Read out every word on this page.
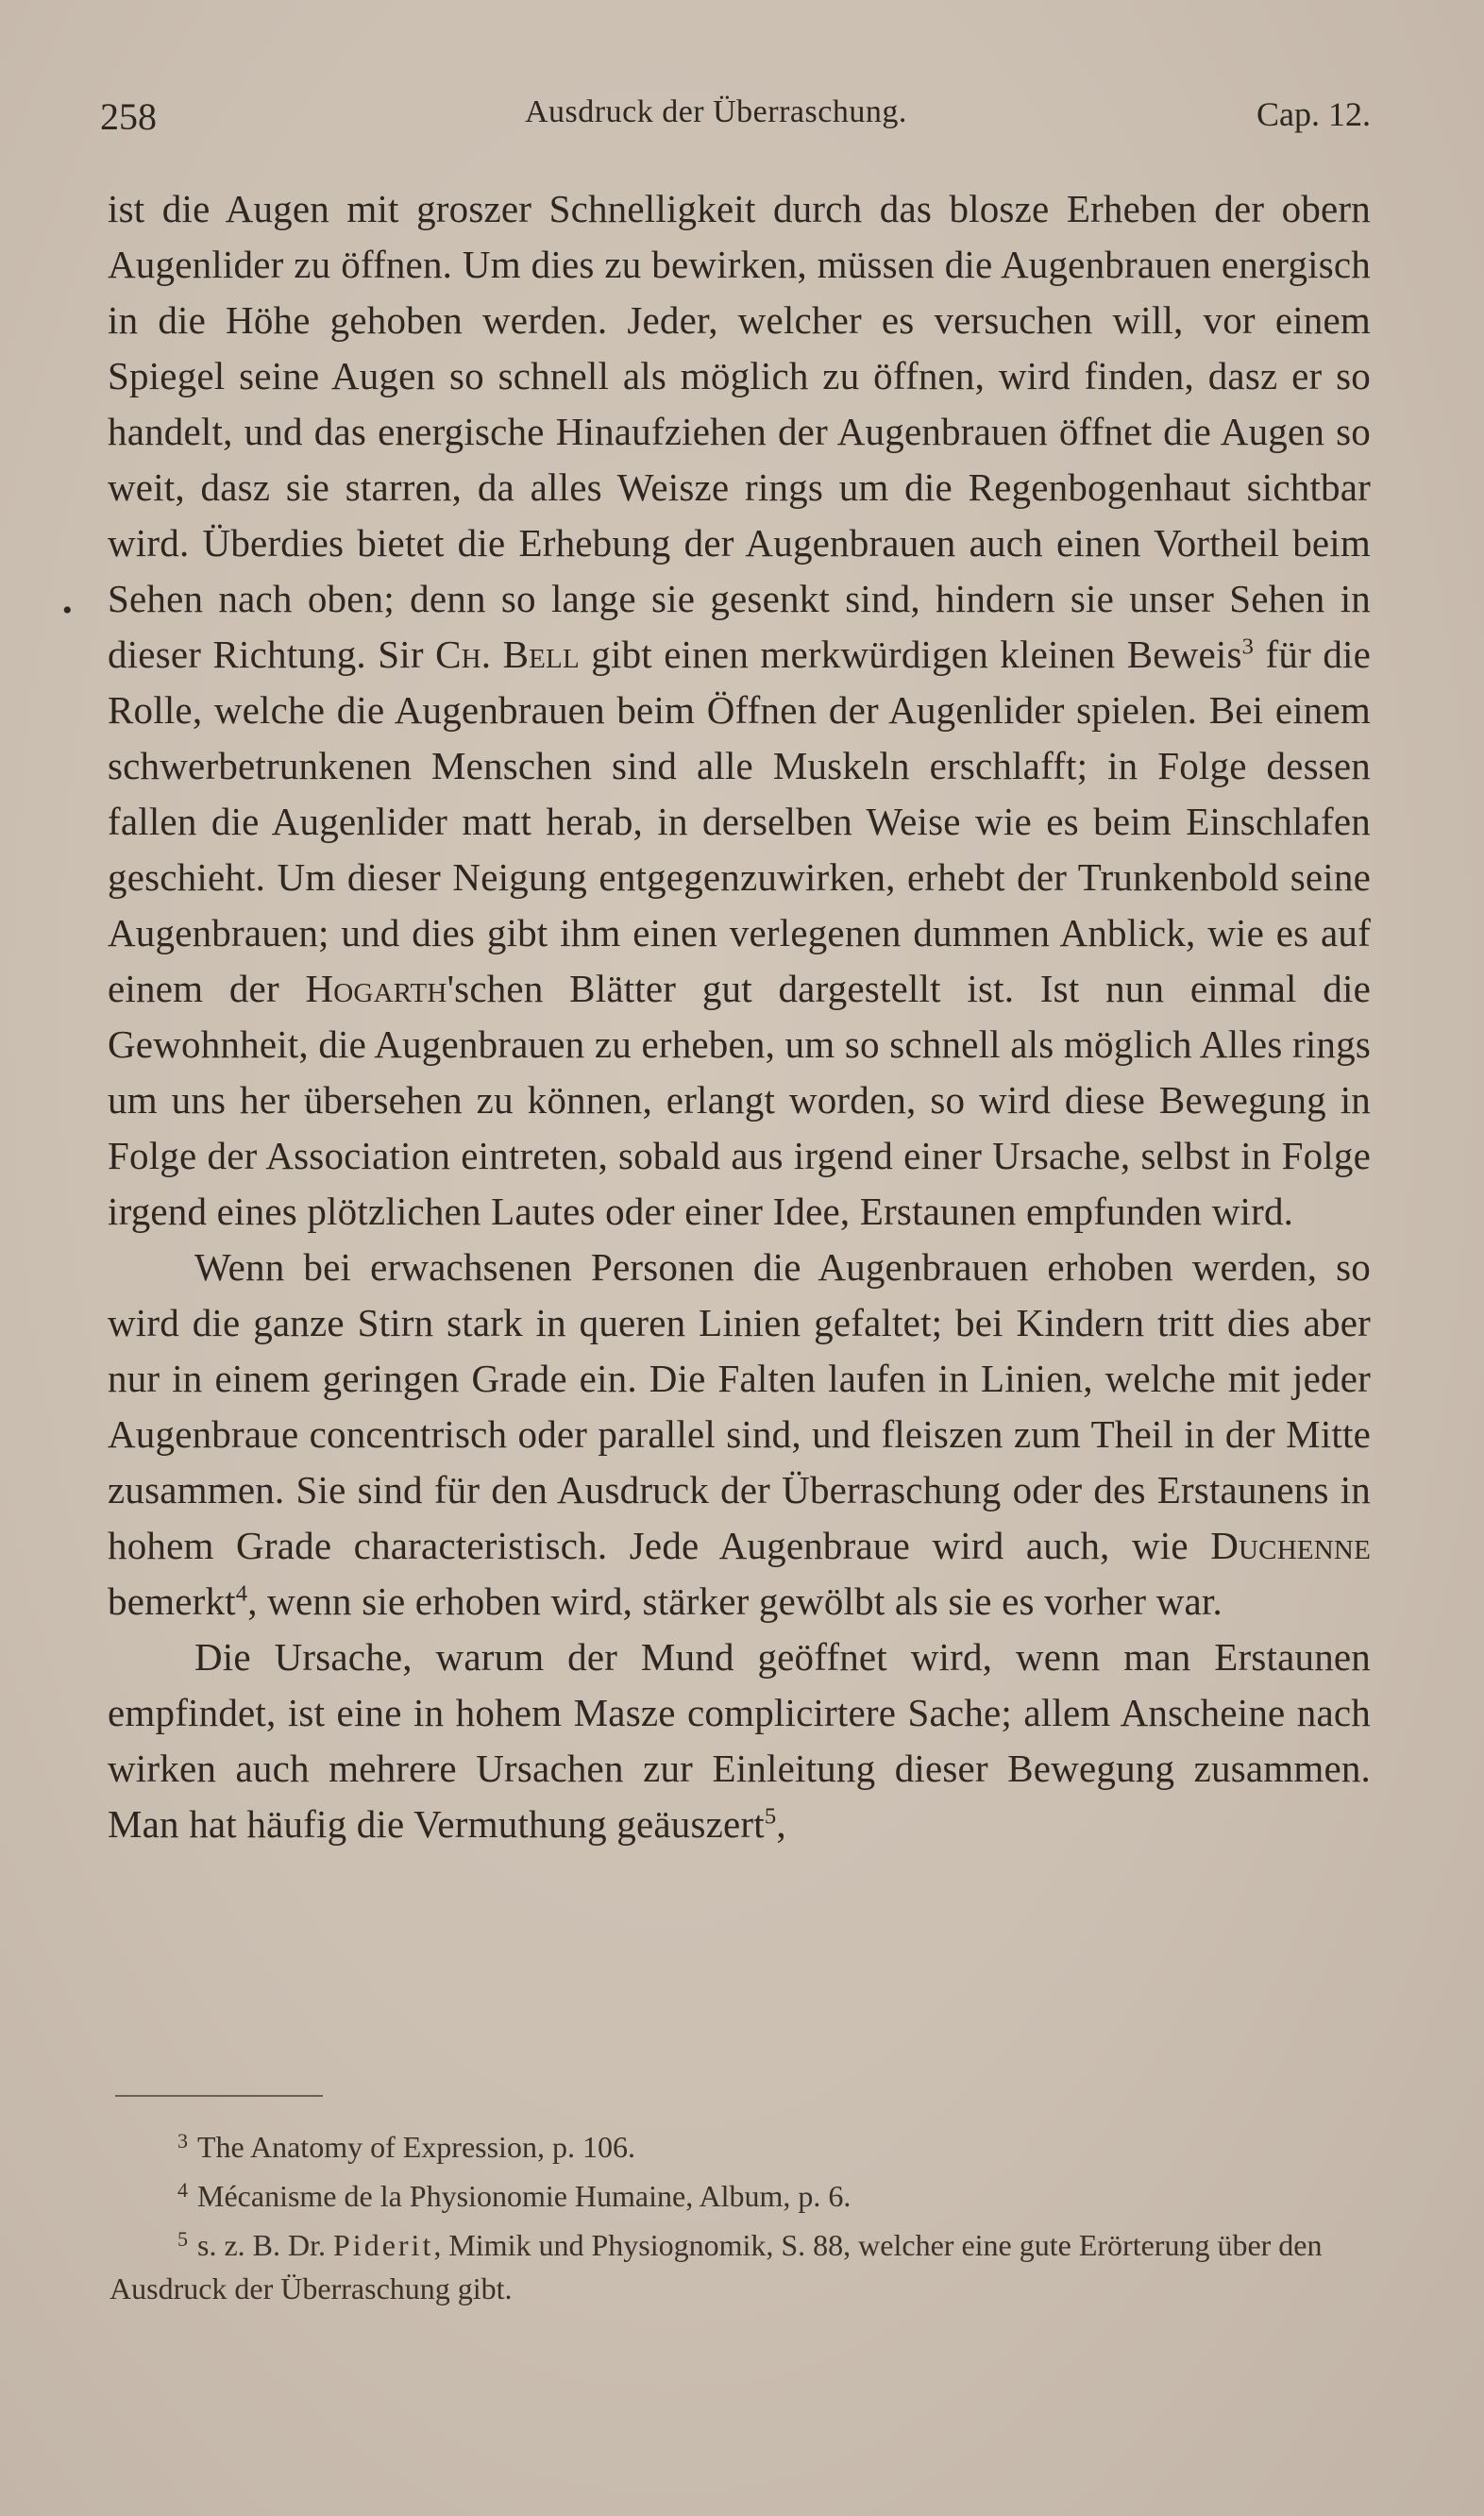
258	Ausdruck der Überraschung.	Cap. 12.
•

ist die Augen mit groszer Schnelligkeit durch das blosze Erheben der obern Augenlider zu öffnen. Um dies zu bewirken, müssen die Augenbrauen energisch in die Höhe gehoben werden. Jeder, welcher es versuchen will, vor einem Spiegel seine Augen so schnell als möglich zu öffnen, wird finden, dasz er so handelt, und das energische Hinaufziehen der Augenbrauen öffnet die Augen so weit, dasz sie starren, da alles Weisze rings um die Regenbogenhaut sichtbar wird. Überdies bietet die Erhebung der Augenbrauen auch einen Vortheil beim Sehen nach oben; denn so lange sie gesenkt sind, hindern sie unser Sehen in dieser Richtung. Sir Ch. Bell gibt einen merkwürdigen kleinen Beweis$^3$ für die Rolle, welche die Augenbrauen beim Öffnen der Augenlider spielen. Bei einem schwerbetrunkenen Menschen sind alle Muskeln erschlafft; in Folge dessen fallen die Augenlider matt herab, in derselben Weise wie es beim Einschlafen geschieht. Um dieser Neigung entgegenzuwirken, erhebt der Trunkenbold seine Augenbrauen; und dies gibt ihm einen verlegenen dummen Anblick, wie es auf einem der Hogarth'schen Blätter gut dargestellt ist. Ist nun einmal die Gewohnheit, die Augenbrauen zu erheben, um so schnell als möglich Alles rings um uns her übersehen zu können, erlangt worden, so wird diese Bewegung in Folge der Association eintreten, sobald aus irgend einer Ursache, selbst in Folge irgend eines plötzlichen Lautes oder einer Idee, Erstaunen empfunden wird.

Wenn bei erwachsenen Personen die Augenbrauen erhoben werden, so wird die ganze Stirn stark in queren Linien gefaltet; bei Kindern tritt dies aber nur in einem geringen Grade ein. Die Falten laufen in Linien, welche mit jeder Augenbraue concentrisch oder parallel sind, und fleiszen zum Theil in der Mitte zusammen. Sie sind für den Ausdruck der Überraschung oder des Erstaunens in hohem Grade characteristisch. Jede Augenbraue wird auch, wie Duchenne bemerkt$^4$, wenn sie erhoben wird, stärker gewölbt als sie es vorher war.

Die Ursache, warum der Mund geöffnet wird, wenn man Erstaunen empfindet, ist eine in hohem Masze complicirtere Sache; allem Anscheine nach wirken auch mehrere Ursachen zur Einleitung dieser Bewegung zusammen. Man hat häufig die Vermuthung geäuszert$^5$,

$^3$ The Anatomy of Expression, p. 106.

$^4$ Mécanisme de la Physionomie Humaine, Album, p. 6.

$^5$ s. z. B. Dr. Piderit, Mimik und Physiognomik, S. 88, welcher eine gute Erörterung über den Ausdruck der Überraschung gibt.
